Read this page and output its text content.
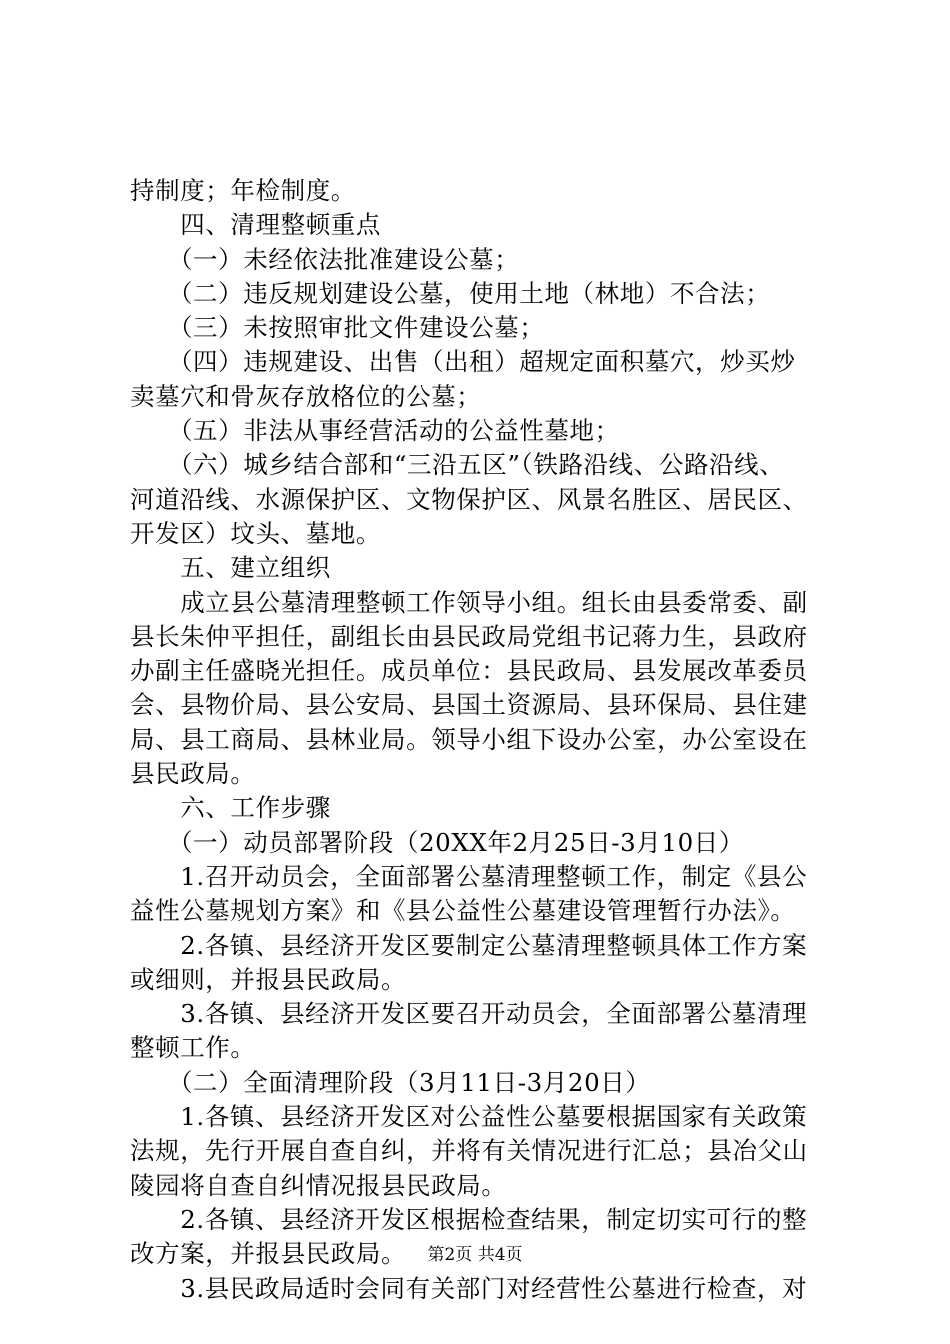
持制度；年检制度。
　　四、清理整顿重点
　　（一）未经依法批准建设公墓；
　　（二）违反规划建设公墓，使用土地（林地）不合法；
　　（三）未按照审批文件建设公墓；
　　（四）违规建设、出售（出租）超规定面积墓穴，炒买炒
卖墓穴和骨灰存放格位的公墓；
　　（五）非法从事经营活动的公益性墓地；
　　（六）城乡结合部和“三沿五区”（铁路沿线、公路沿线、
河道沿线、水源保护区、文物保护区、风景名胜区、居民区、
开发区）坟头、墓地。
　　五、建立组织
　　成立县公墓清理整顿工作领导小组。组长由县委常委、副
县长朱仲平担任，副组长由县民政局党组书记蒋力生，县政府
办副主任盛晓光担任。成员单位：县民政局、县发展改革委员
会、县物价局、县公安局、县国土资源局、县环保局、县住建
局、县工商局、县林业局。领导小组下设办公室，办公室设在
县民政局。
　　六、工作步骤
　　（一）动员部署阶段（20XX年2月25日-3月10日）
　　1.召开动员会，全面部署公墓清理整顿工作，制定《县公
益性公墓规划方案》和《县公益性公墓建设管理暂行办法》。
　　2.各镇、县经济开发区要制定公墓清理整顿具体工作方案
或细则，并报县民政局。
　　3.各镇、县经济开发区要召开动员会，全面部署公墓清理
整顿工作。
　　（二）全面清理阶段（3月11日-3月20日）
　　1.各镇、县经济开发区对公益性公墓要根据国家有关政策
法规，先行开展自查自纠，并将有关情况进行汇总；县冶父山
陵园将自查自纠情况报县民政局。
　　2.各镇、县经济开发区根据检查结果，制定切实可行的整
改方案，并报县民政局。
　　3.县民政局适时会同有关部门对经营性公墓进行检查，对
第2页 共4页
